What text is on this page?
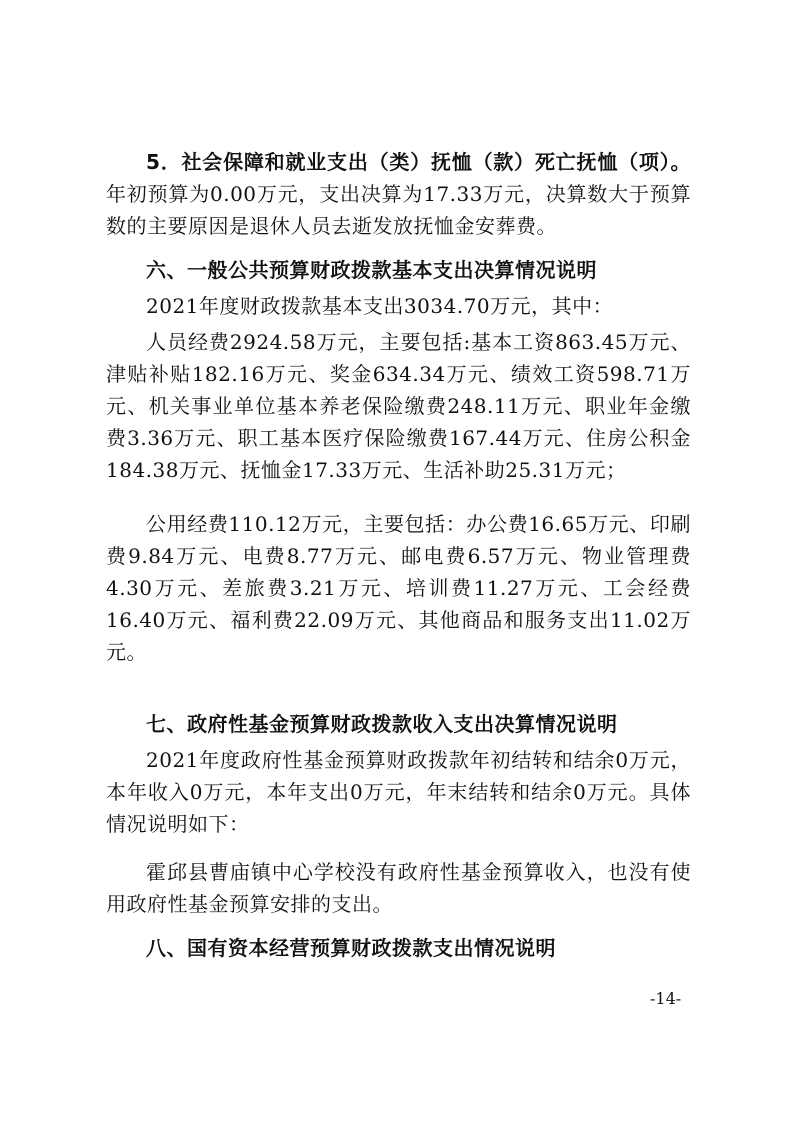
5．社会保障和就业支出（类）抚恤（款）死亡抚恤（项）。年初预算为0.00万元，支出决算为17.33万元，决算数大于预算数的主要原因是退休人员去逝发放抚恤金安葬费。

六、一般公共预算财政拨款基本支出决算情况说明

2021年度财政拨款基本支出3034.70万元，其中：

人员经费2924.58万元，主要包括:基本工资863.45万元、津贴补贴182.16万元、奖金634.34万元、绩效工资598.71万元、机关事业单位基本养老保险缴费248.11万元、职业年金缴费3.36万元、职工基本医疗保险缴费167.44万元、住房公积金184.38万元、抚恤金17.33万元、生活补助25.31万元；

公用经费110.12万元，主要包括：办公费16.65万元、印刷费9.84万元、电费8.77万元、邮电费6.57万元、物业管理费4.30万元、差旅费3.21万元、培训费11.27万元、工会经费16.40万元、福利费22.09万元、其他商品和服务支出11.02万元。

七、政府性基金预算财政拨款收入支出决算情况说明

2021年度政府性基金预算财政拨款年初结转和结余0万元，本年收入0万元，本年支出0万元，年末结转和结余0万元。具体情况说明如下：

霍邱县曹庙镇中心学校没有政府性基金预算收入，也没有使用政府性基金预算安排的支出。

八、国有资本经营预算财政拨款支出情况说明

-14-
